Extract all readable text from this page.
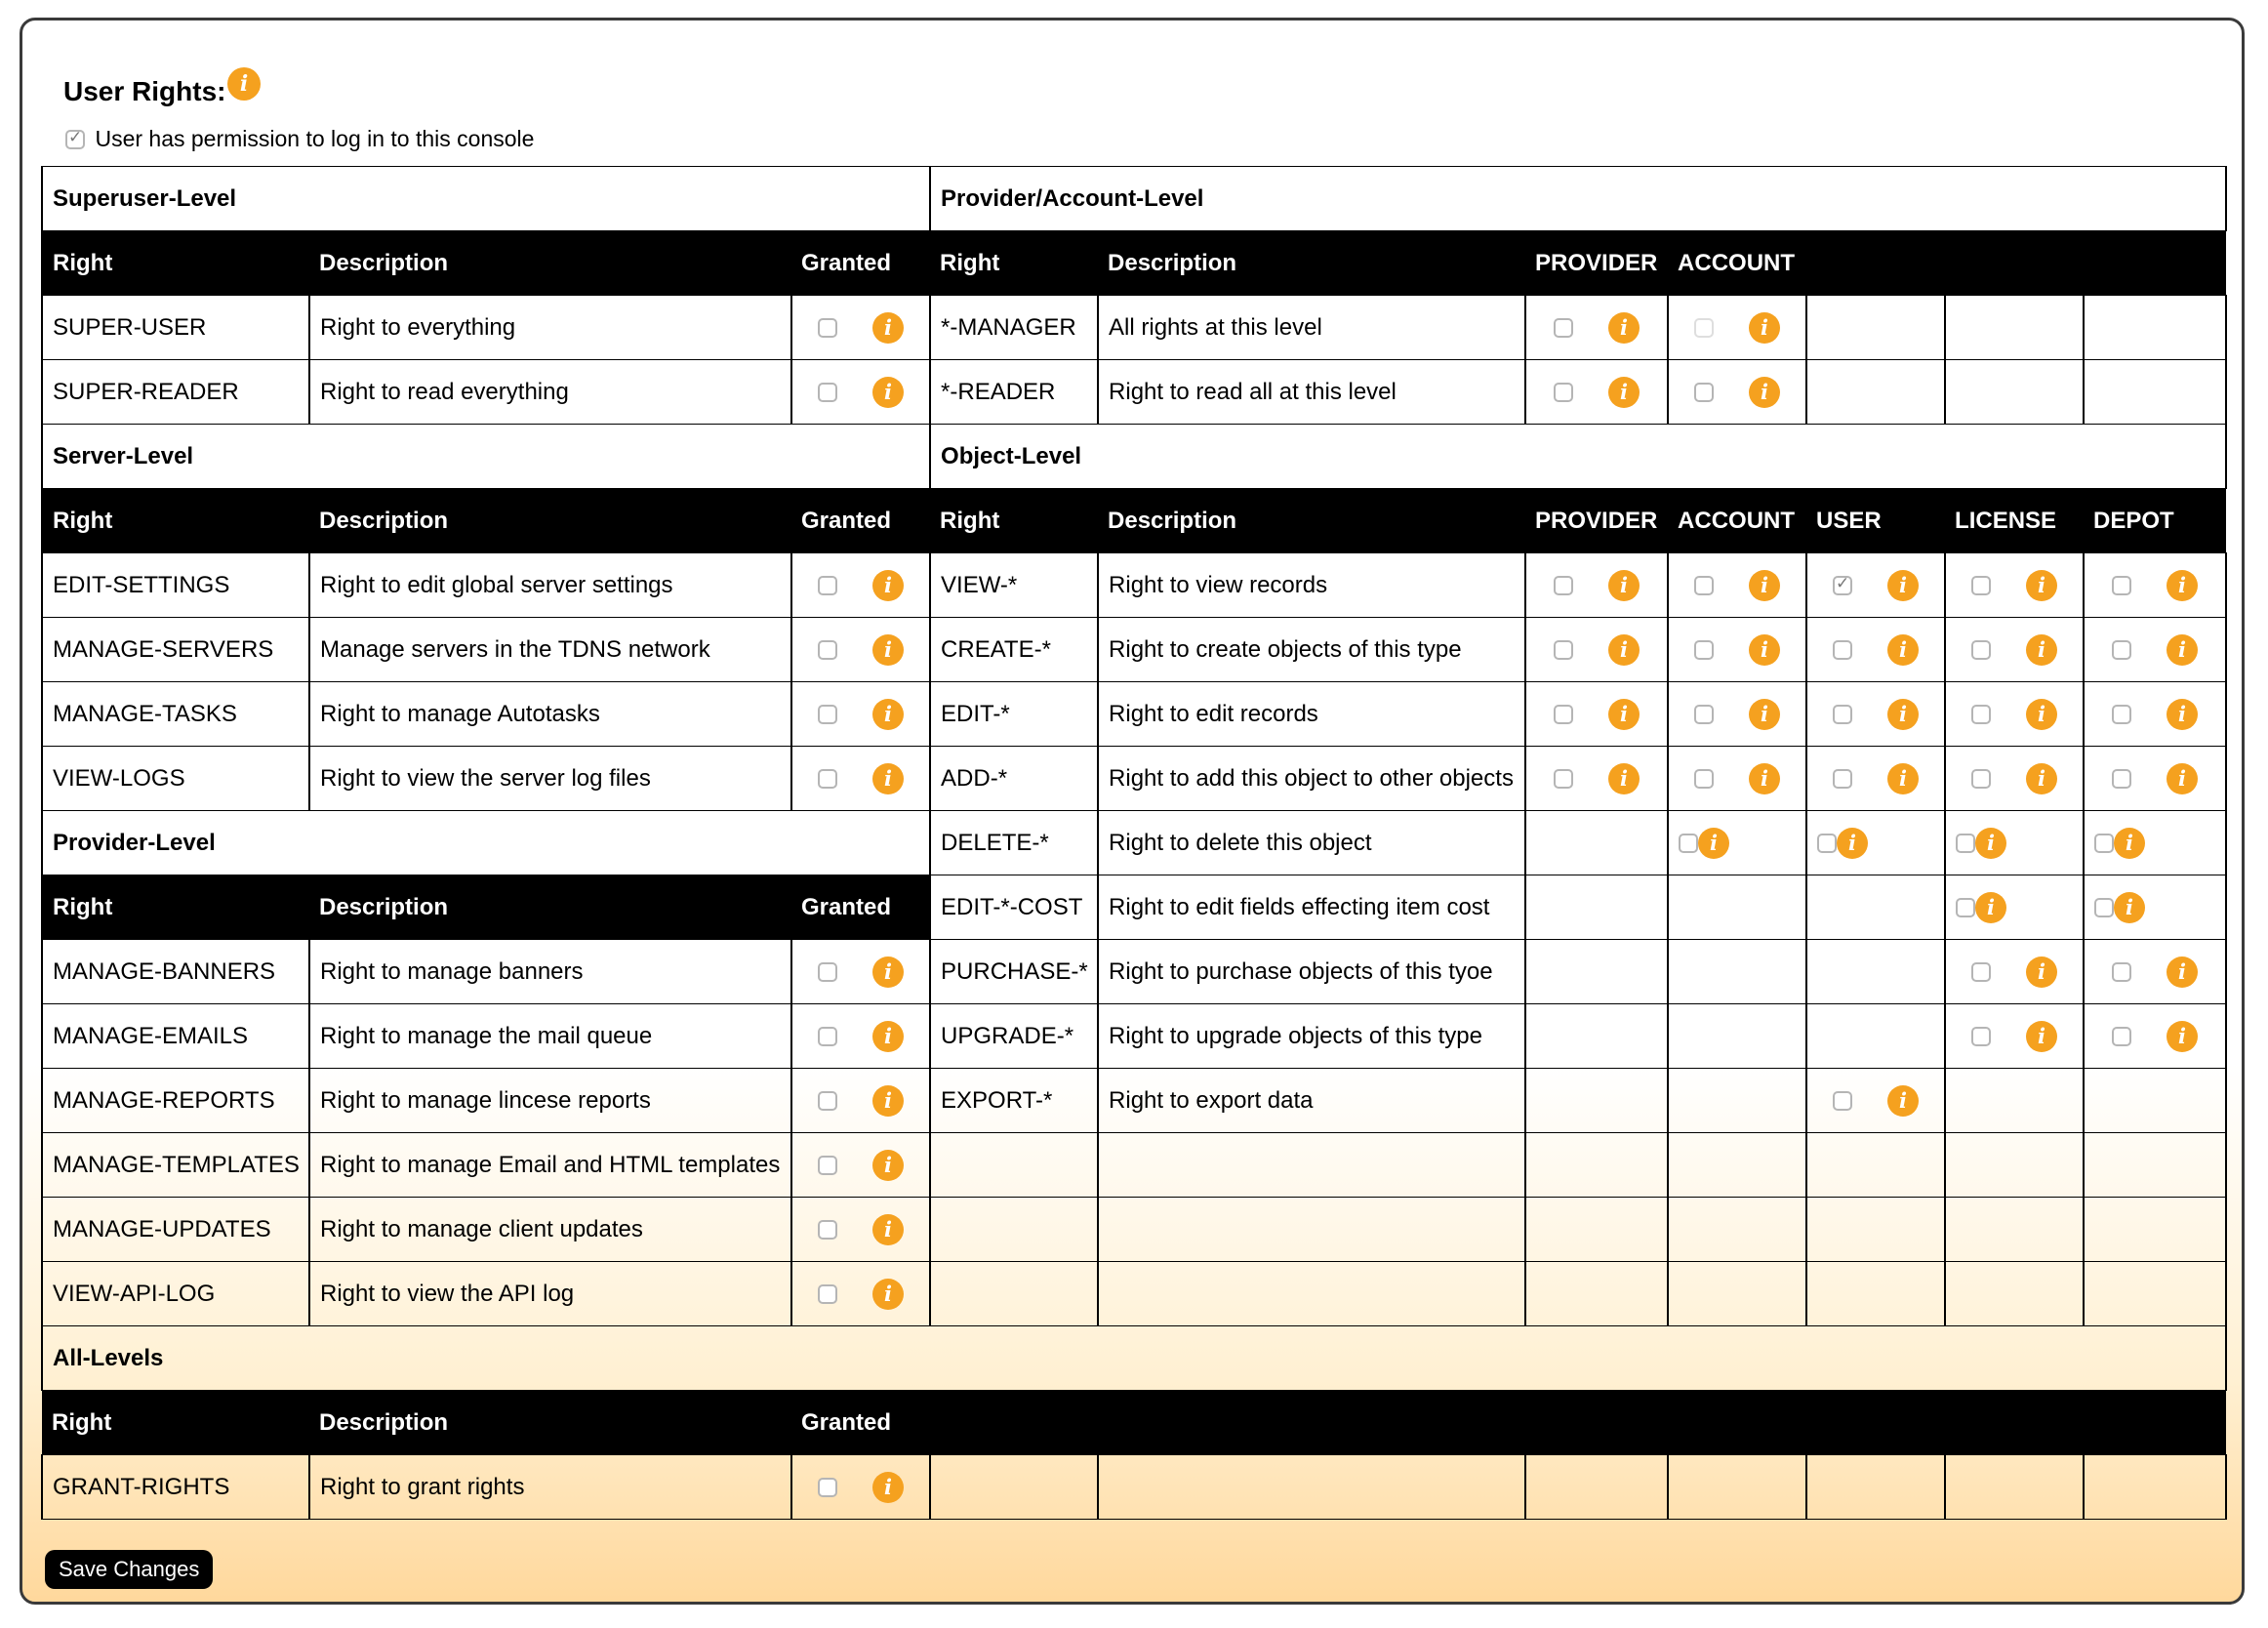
User Rights: i
✓ User has permission to log in to this console
Superuser-Level			Provider/Account-Level						
Right	Description	Granted	Right	Description	PROVIDER	ACCOUNT			
SUPER-USER	Right to everything	i	*-MANAGER	All rights at this level	i	i			
SUPER-READER	Right to read everything	i	*-READER	Right to read all at this level	i	i			
Server-Level			Object-Level						
Right	Description	Granted	Right	Description	PROVIDER	ACCOUNT	USER	LICENSE	DEPOT
EDIT-SETTINGS	Right to edit global server settings	i	VIEW-*	Right to view records	i	i	✓i	i	i
MANAGE-SERVERS	Manage servers in the TDNS network	i	CREATE-*	Right to create objects of this type	i	i	i	i	i
MANAGE-TASKS	Right to manage Autotasks	i	EDIT-*	Right to edit records	i	i	i	i	i
VIEW-LOGS	Right to view the server log files	i	ADD-*	Right to add this object to other objects	i	i	i	i	i
Provider-Level			DELETE-*	Right to delete this object		i	i	i	i
Right	Description	Granted	EDIT-*-COST	Right to edit fields effecting item cost				i	i
MANAGE-BANNERS	Right to manage banners	i	PURCHASE-*	Right to purchase objects of this tyoe				i	i
MANAGE-EMAILS	Right to manage the mail queue	i	UPGRADE-*	Right to upgrade objects of this type				i	i
MANAGE-REPORTS	Right to manage lincese reports	i	EXPORT-*	Right to export data			i		
MANAGE-TEMPLATES	Right to manage Email and HTML templates	i							
MANAGE-UPDATES	Right to manage client updates	i							
VIEW-API-LOG	Right to view the API log	i							
All-Levels									
Right	Description	Granted							
GRANT-RIGHTS	Right to grant rights	i							
Save Changes
